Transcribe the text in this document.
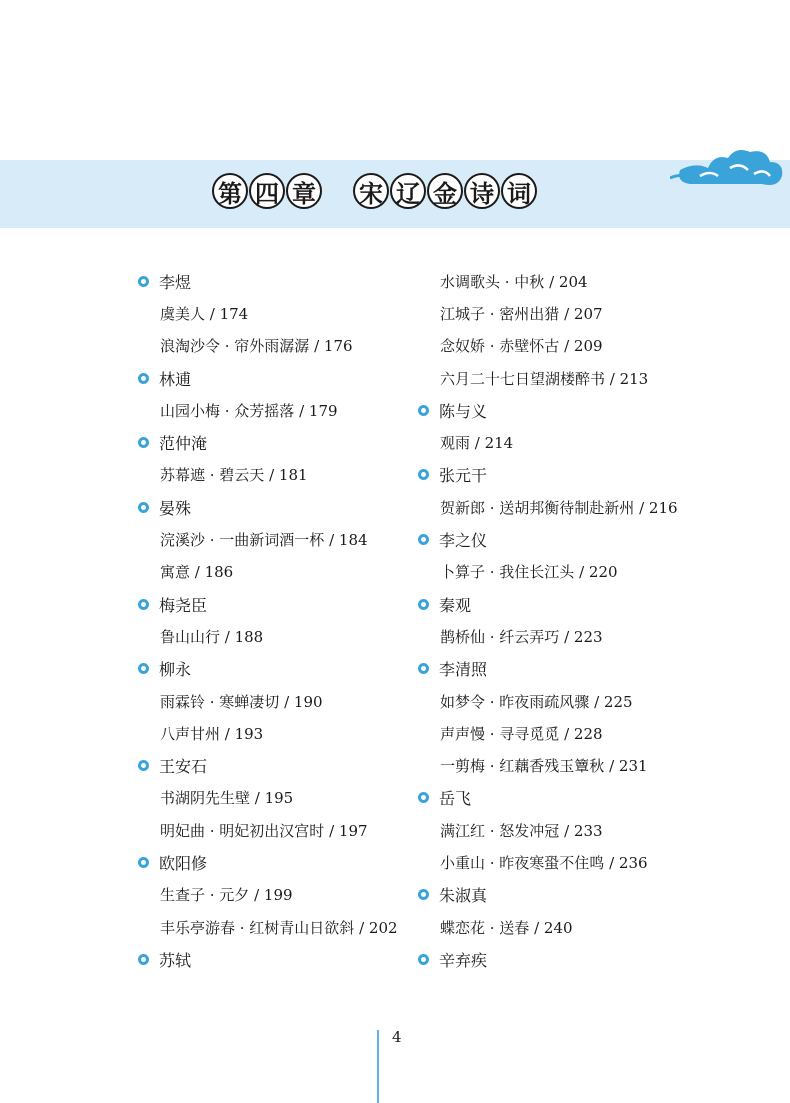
第 四 章 宋 辽 金 诗 词
李煜
虞美人 / 174
浪淘沙令 · 帘外雨潺潺 / 176
林逋
山园小梅 · 众芳摇落 / 179
范仲淹
苏幕遮 · 碧云天 / 181
晏殊
浣溪沙 · 一曲新词酒一杯 / 184
寓意 / 186
梅尧臣
鲁山山行 / 188
柳永
雨霖铃 · 寒蝉凄切 / 190
八声甘州 / 193
王安石
书湖阴先生壁 / 195
明妃曲 · 明妃初出汉宫时 / 197
欧阳修
生查子 · 元夕 / 199
丰乐亭游春 · 红树青山日欲斜 / 202
苏轼
水调歌头 · 中秋 / 204
江城子 · 密州出猎 / 207
念奴娇 · 赤壁怀古 / 209
六月二十七日望湖楼醉书 / 213
陈与义
观雨 / 214
张元干
贺新郎 · 送胡邦衡待制赴新州 / 216
李之仪
卜算子 · 我住长江头 / 220
秦观
鹊桥仙 · 纤云弄巧 / 223
李清照
如梦令 · 昨夜雨疏风骤 / 225
声声慢 · 寻寻觅觅 / 228
一剪梅 · 红藕香残玉簟秋 / 231
岳飞
满江红 · 怒发冲冠 / 233
小重山 · 昨夜寒蛩不住鸣 / 236
朱淑真
蝶恋花 · 送春 / 240
辛弃疾
4
